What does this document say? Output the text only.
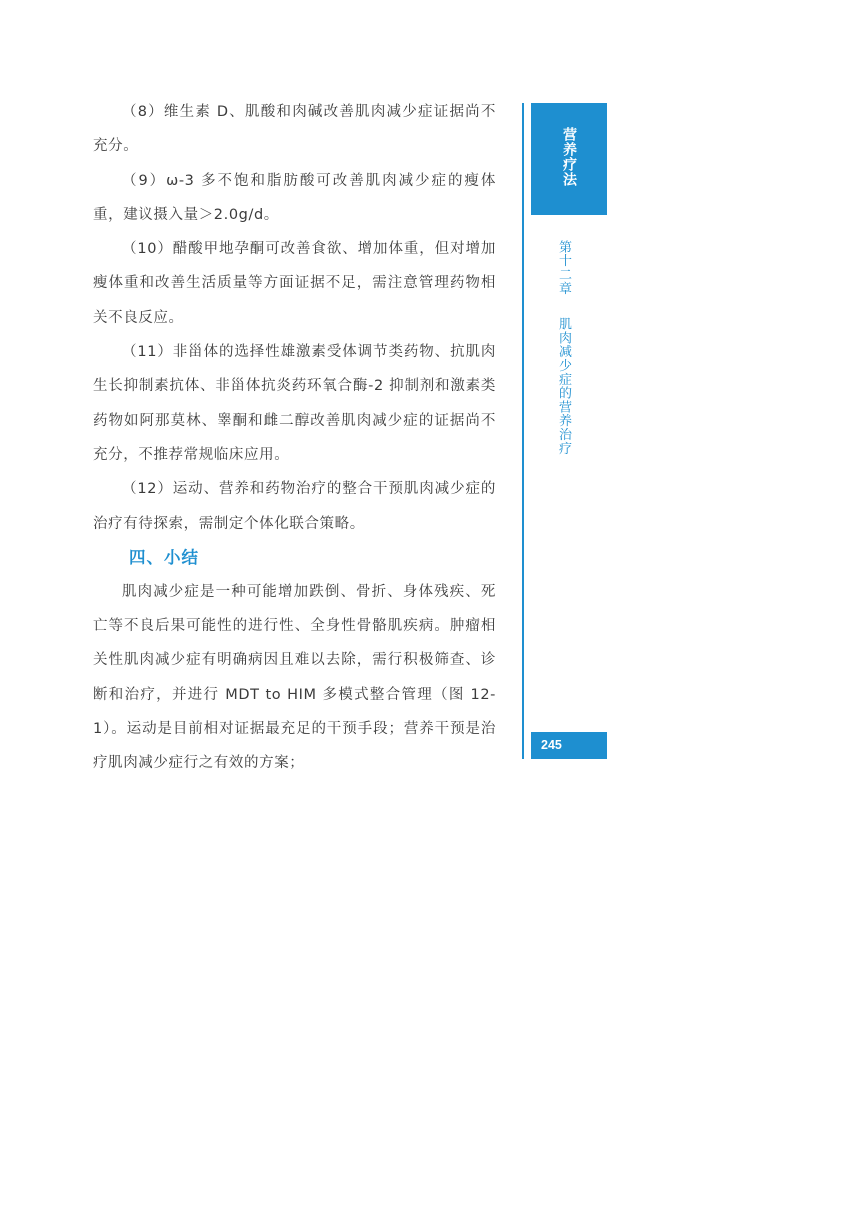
（8）维生素 D、肌酸和肉碱改善肌肉减少症证据尚不充分。

（9）ω-3 多不饱和脂肪酸可改善肌肉减少症的瘦体重，建议摄入量＞2.0g/d。

（10）醋酸甲地孕酮可改善食欲、增加体重，但对增加瘦体重和改善生活质量等方面证据不足，需注意管理药物相关不良反应。

（11）非甾体的选择性雄激素受体调节类药物、抗肌肉生长抑制素抗体、非甾体抗炎药环氧合酶-2 抑制剂和激素类药物如阿那莫林、睾酮和雌二醇改善肌肉减少症的证据尚不充分，不推荐常规临床应用。

（12）运动、营养和药物治疗的整合干预肌肉减少症的治疗有待探索，需制定个体化联合策略。

四、小结

肌肉减少症是一种可能增加跌倒、骨折、身体残疾、死亡等不良后果可能性的进行性、全身性骨骼肌疾病。肿瘤相关性肌肉减少症有明确病因且难以去除，需行积极筛查、诊断和治疗，并进行 MDT to HIM 多模式整合管理（图 12-1）。运动是目前相对证据最充足的干预手段；营养干预是治疗肌肉减少症行之有效的方案；

营养疗法
第十二章肌肉减少症的营养治疗
245
